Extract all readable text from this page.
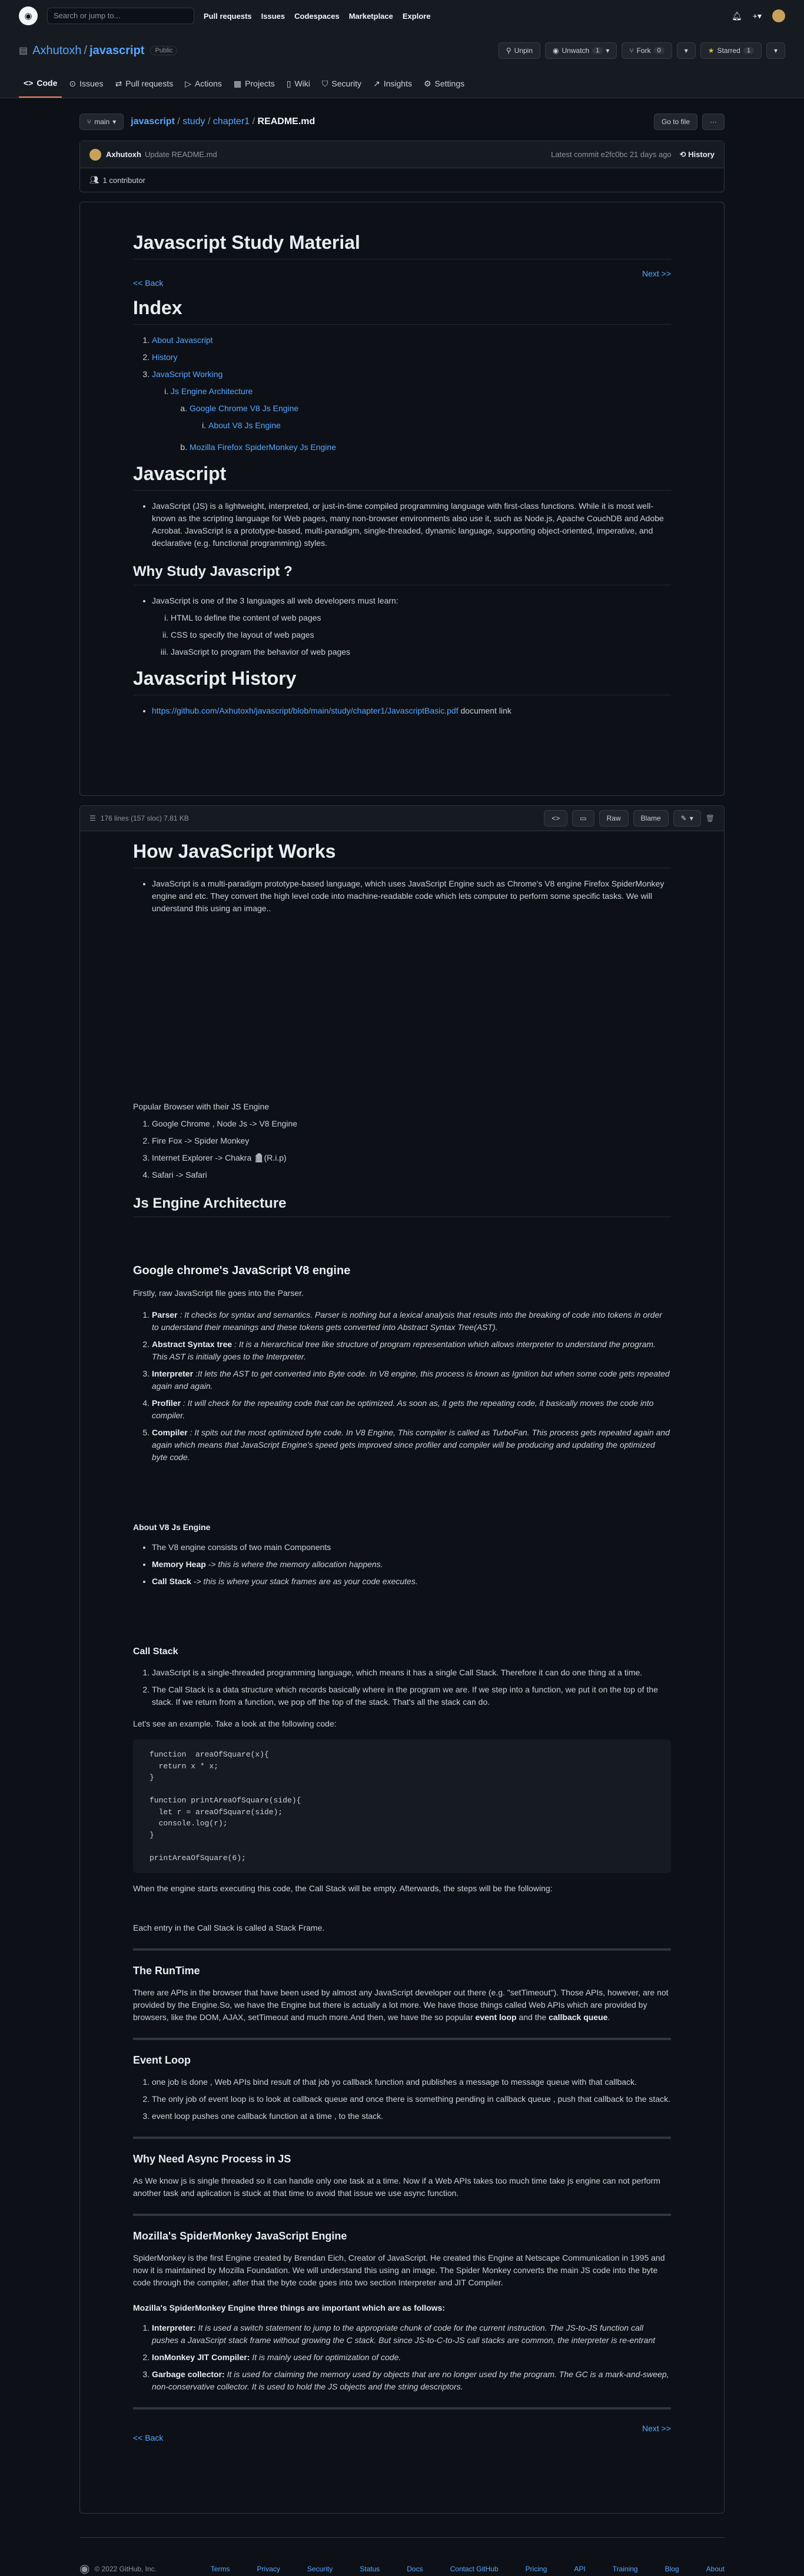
◉	Search or jump to...	Pull requests Issues Codespaces Marketplace Explore	🔔︎ +▾
▤ Axhutoxh / javascript	Public	⚲ Unpin	◉ Unwatch	1 ▾	⑂ Fork	0	▾	★ Starred	1	▾
<> Code ⊙ Issues ⇄ Pull requests ▷ Actions ▦ Projects ▯ Wiki ⛉ Security ↗ Insights ⚙ Settings
⑂ main ▾	javascript / study / chapter1 / README.md	Go to file	···
Axhutoxh Update README.md	Latest commit e2fc0bc 21 days ago ⟲ History
👥︎ 1 contributor
Javascript Study Material
Next >>
<< Back
Index
1. About Javascript
2. History
3. JavaScript Working
i. Js Engine Architecture
a. Google Chrome V8 Js Engine
i. About V8 Js Engine
b. Mozilla Firefox SpiderMonkey Js Engine
Javascript
• JavaScript (JS) is a lightweight, interpreted, or just-in-time compiled programming language with first-class functions. While it is most well-known as the scripting language for Web pages, many non-browser environments also use it, such as Node.js, Apache CouchDB and Adobe Acrobat. JavaScript is a prototype-based, multi-paradigm, single-threaded, dynamic language, supporting object-oriented, imperative, and declarative (e.g. functional programming) styles.
Why Study Javascript ?
• JavaScript is one of the 3 languages all web developers must learn:
i. HTML to define the content of web pages
ii. CSS to specify the layout of web pages
iii. JavaScript to program the behavior of web pages
Javascript History
• https://github.com/Axhutoxh/javascript/blob/main/study/chapter1/JavascriptBasic.pdf document link
☰ 176 lines (157 sloc) 7.81 KB	<>	▭	Raw	Blame	✎ ▾	🗑︎
How JavaScript Works
• JavaScript is a multi-paradigm prototype-based language, which uses JavaScript Engine such as Chrome's V8 engine Firefox SpiderMonkey engine and etc. They convert the high level code into machine-readable code which lets computer to perform some specific tasks. We will understand this using an image..

Popular Browser with their JS Engine

1. Google Chrome , Node Js -> V8 Engine
2. Fire Fox -> Spider Monkey
3. Internet Explorer -> Chakra 🪦(R.i.p)
4. Safari -> Safari
Js Engine Architecture
Google chrome's JavaScript V8 engine

Firstly, raw JavaScript file goes into the Parser.

1. Parser : It checks for syntax and semantics. Parser is nothing but a lexical analysis that results into the breaking of code into tokens in order to understand their meanings and these tokens gets converted into Abstract Syntax Tree(AST).
2. Abstract Syntax tree : It is a hierarchical tree like structure of program representation which allows interpreter to understand the program. This AST is initially goes to the Interpreter.
3. Interpreter :It lets the AST to get converted into Byte code. In V8 engine, this process is known as Ignition but when some code gets repeated again and again.
4. Profiler : It will check for the repeating code that can be optimized. As soon as, it gets the repeating code, it basically moves the code into compiler.
5. Compiler : It spits out the most optimized byte code. In V8 Engine, This compiler is called as TurboFan. This process gets repeated again and again which means that JavaScript Engine's speed gets improved since profiler and compiler will be producing and updating the optimized byte code.
About V8 Js Engine
• The V8 engine consists of two main Components
• Memory Heap -> this is where the memory allocation happens.
• Call Stack -> this is where your stack frames are as your code executes.
Call Stack
1. JavaScript is a single-threaded programming language, which means it has a single Call Stack. Therefore it can do one thing at a time.
2. The Call Stack is a data structure which records basically where in the program we are. If we step into a function, we put it on the top of the stack. If we return from a function, we pop off the top of the stack. That's all the stack can do.

Let's see an example. Take a look at the following code:

function  areaOfSquare(x){
return x * x;
}

function printAreaOfSquare(side){
let r = areaOfSquare(side);
console.log(r);
}

printAreaOfSquare(6);

When the engine starts executing this code, the Call Stack will be empty. Afterwards, the steps will be the following:

Each entry in the Call Stack is called a Stack Frame.

The RunTime

There are APIs in the browser that have been used by almost any JavaScript developer out there (e.g. "setTimeout"). Those APIs, however, are not provided by the Engine.So, we have the Engine but there is actually a lot more. We have those things called Web APIs which are provided by browsers, like the DOM, AJAX, setTimeout and much more.And then, we have the so popular event loop and the callback queue.

Event Loop
1. one job is done , Web APIs bind result of that job yo callback function and publishes a message to message queue with that callback.
2. The only job of event loop is to look at callback queue and once there is something pending in callback queue , push that callback to the stack.
3. event loop pushes one callback function at a time , to the stack.
Why Need Async Process in JS

As We know js is single threaded so it can handle only one task at a time. Now if a Web APIs takes too much time take js engine can not perform another task and aplication is stuck at that time to avoid that issue we use async function.

Mozilla's SpiderMonkey JavaScript Engine

SpiderMonkey is the first Engine created by Brendan Eich, Creator of JavaScript. He created this Engine at Netscape Communication in 1995 and now it is maintained by Mozilla Foundation. We will understand this using an image. The Spider Monkey converts the main JS code into the byte code through the compiler, after that the byte code goes into two section Interpreter and JIT Compiler.

Mozilla's SpiderMonkey Engine three things are important which are as follows:
1. Interpreter: It is used a switch statement to jump to the appropriate chunk of code for the current instruction. The JS-to-JS function call pushes a JavaScript stack frame without growing the C stack. But since JS-to-C-to-JS call stacks are common, the interpreter is re-entrant
2. IonMonkey JIT Compiler: It is mainly used for optimization of code.
3. Garbage collector: It is used for claiming the memory used by objects that are no longer used by the program. The GC is a mark-and-sweep, non-conservative collector. It is used to hold the JS objects and the string descriptors.
Next >>
<< Back
◉ © 2022 GitHub, Inc.	Terms	Privacy	Security	Status	Docs	Contact GitHub	Pricing	API	Training	Blog	About
